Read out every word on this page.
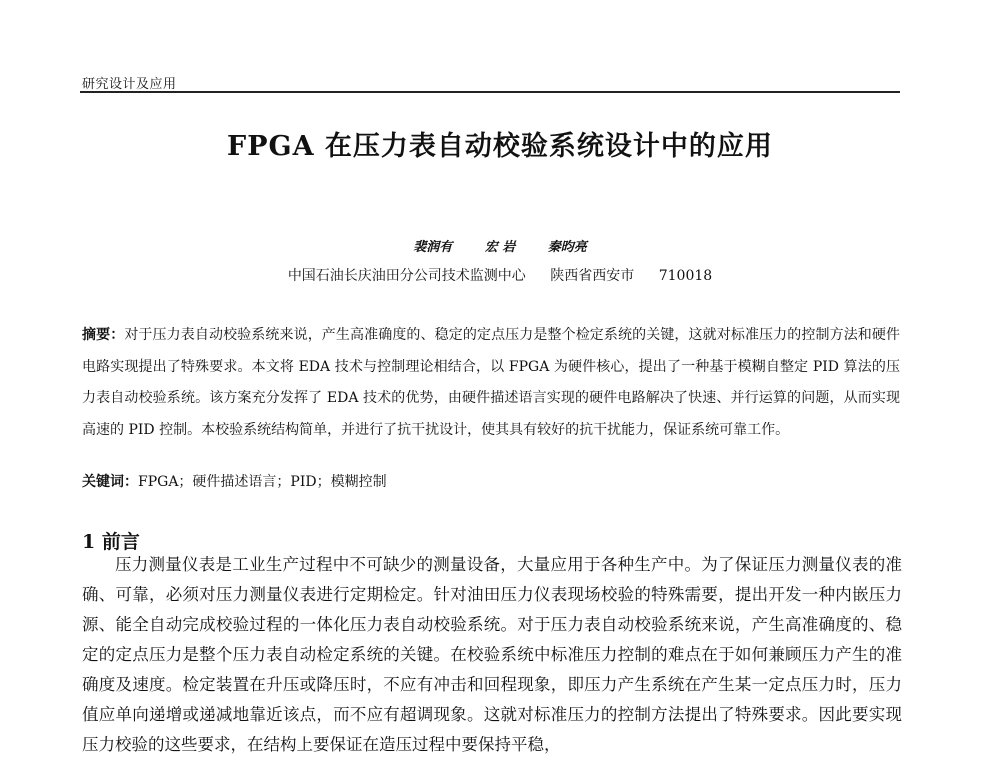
研究设计及应用
FPGA 在压力表自动校验系统设计中的应用
裴润有	宏 岩	秦昀亮
中国石油长庆油田分公司技术监测中心 陕西省西安市 710018
摘要：对于压力表自动校验系统来说，产生高准确度的、稳定的定点压力是整个检定系统的关键，这就对标准压力的控制方法和硬件电路实现提出了特殊要求。本文将 EDA 技术与控制理论相结合，以 FPGA 为硬件核心，提出了一种基于模糊自整定 PID 算法的压力表自动校验系统。该方案充分发挥了 EDA 技术的优势，由硬件描述语言实现的硬件电路解决了快速、并行运算的问题，从而实现高速的 PID 控制。本校验系统结构简单，并进行了抗干扰设计，使其具有较好的抗干扰能力，保证系统可靠工作。
关键词：FPGA；硬件描述语言；PID；模糊控制
1 前言
压力测量仪表是工业生产过程中不可缺少的测量设备，大量应用于各种生产中。为了保证压力测量仪表的准确、可靠，必须对压力测量仪表进行定期检定。针对油田压力仪表现场校验的特殊需要，提出开发一种内嵌压力源、能全自动完成校验过程的一体化压力表自动校验系统。对于压力表自动校验系统来说，产生高准确度的、稳定的定点压力是整个压力表自动检定系统的关键。在校验系统中标准压力控制的难点在于如何兼顾压力产生的准确度及速度。检定装置在升压或降压时，不应有冲击和回程现象，即压力产生系统在产生某一定点压力时，压力值应单向递增或递减地靠近该点，而不应有超调现象。这就对标准压力的控制方法提出了特殊要求。因此要实现压力校验的这些要求，在结构上要保证在造压过程中要保持平稳，
